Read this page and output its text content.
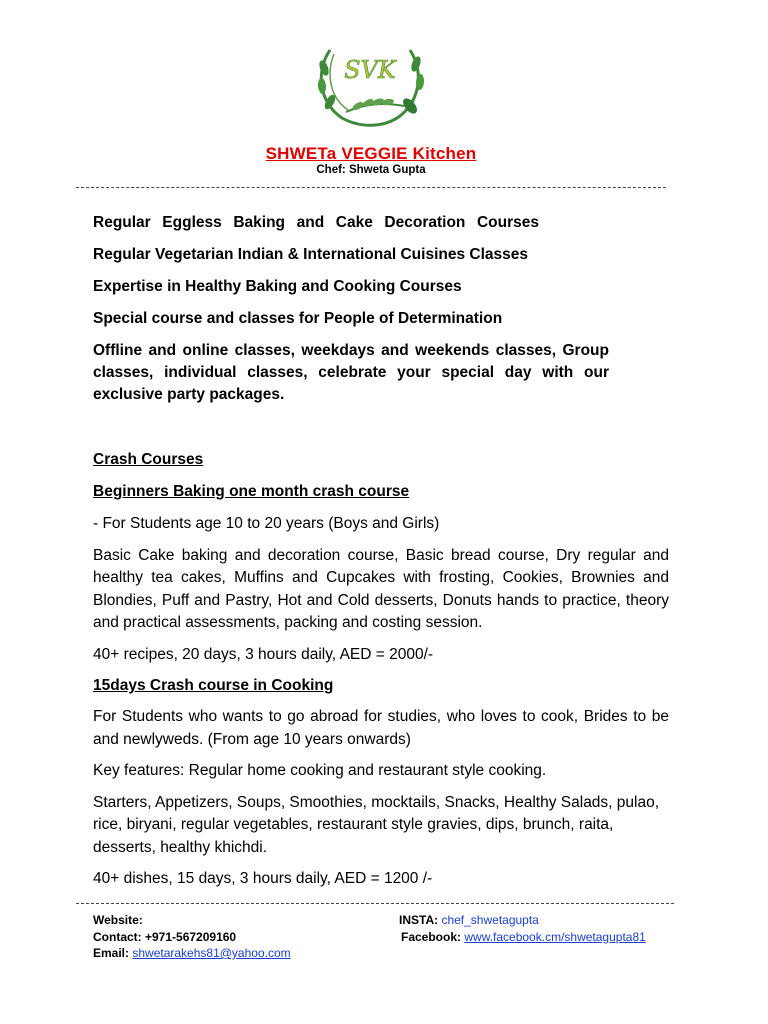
SVK
SHWETa VEGGIE Kitchen
Chef: Shweta Gupta

Regular Eggless Baking and Cake Decoration Courses

Regular Vegetarian Indian & International Cuisines Classes

Expertise in Healthy Baking and Cooking Courses

Special course and classes for People of Determination

Offline and online classes, weekdays and weekends classes, Group classes, individual classes, celebrate your special day with our exclusive party packages.

Crash Courses

Beginners Baking one month crash course

- For Students age 10 to 20 years (Boys and Girls)

Basic Cake baking and decoration course, Basic bread course, Dry regular and healthy tea cakes, Muffins and Cupcakes with frosting, Cookies, Brownies and Blondies, Puff and Pastry, Hot and Cold desserts, Donuts hands to practice, theory and practical assessments, packing and costing session.

40+ recipes, 20 days, 3 hours daily, AED = 2000/-

15days Crash course in Cooking

For Students who wants to go abroad for studies, who loves to cook, Brides to be and newlyweds. (From age 10 years onwards)

Key features: Regular home cooking and restaurant style cooking.

Starters, Appetizers, Soups, Smoothies, mocktails, Snacks, Healthy Salads, pulao, rice, biryani, regular vegetables, restaurant style gravies, dips, brunch, raita, desserts, healthy khichdi.

40+ dishes, 15 days, 3 hours daily, AED = 1200 /-

Website:	INSTA: chef_shwetagupta
Contact: +971-567209160	Facebook: www.facebook.cm/shwetagupta81
Email: shwetarakehs81@yahoo.com
